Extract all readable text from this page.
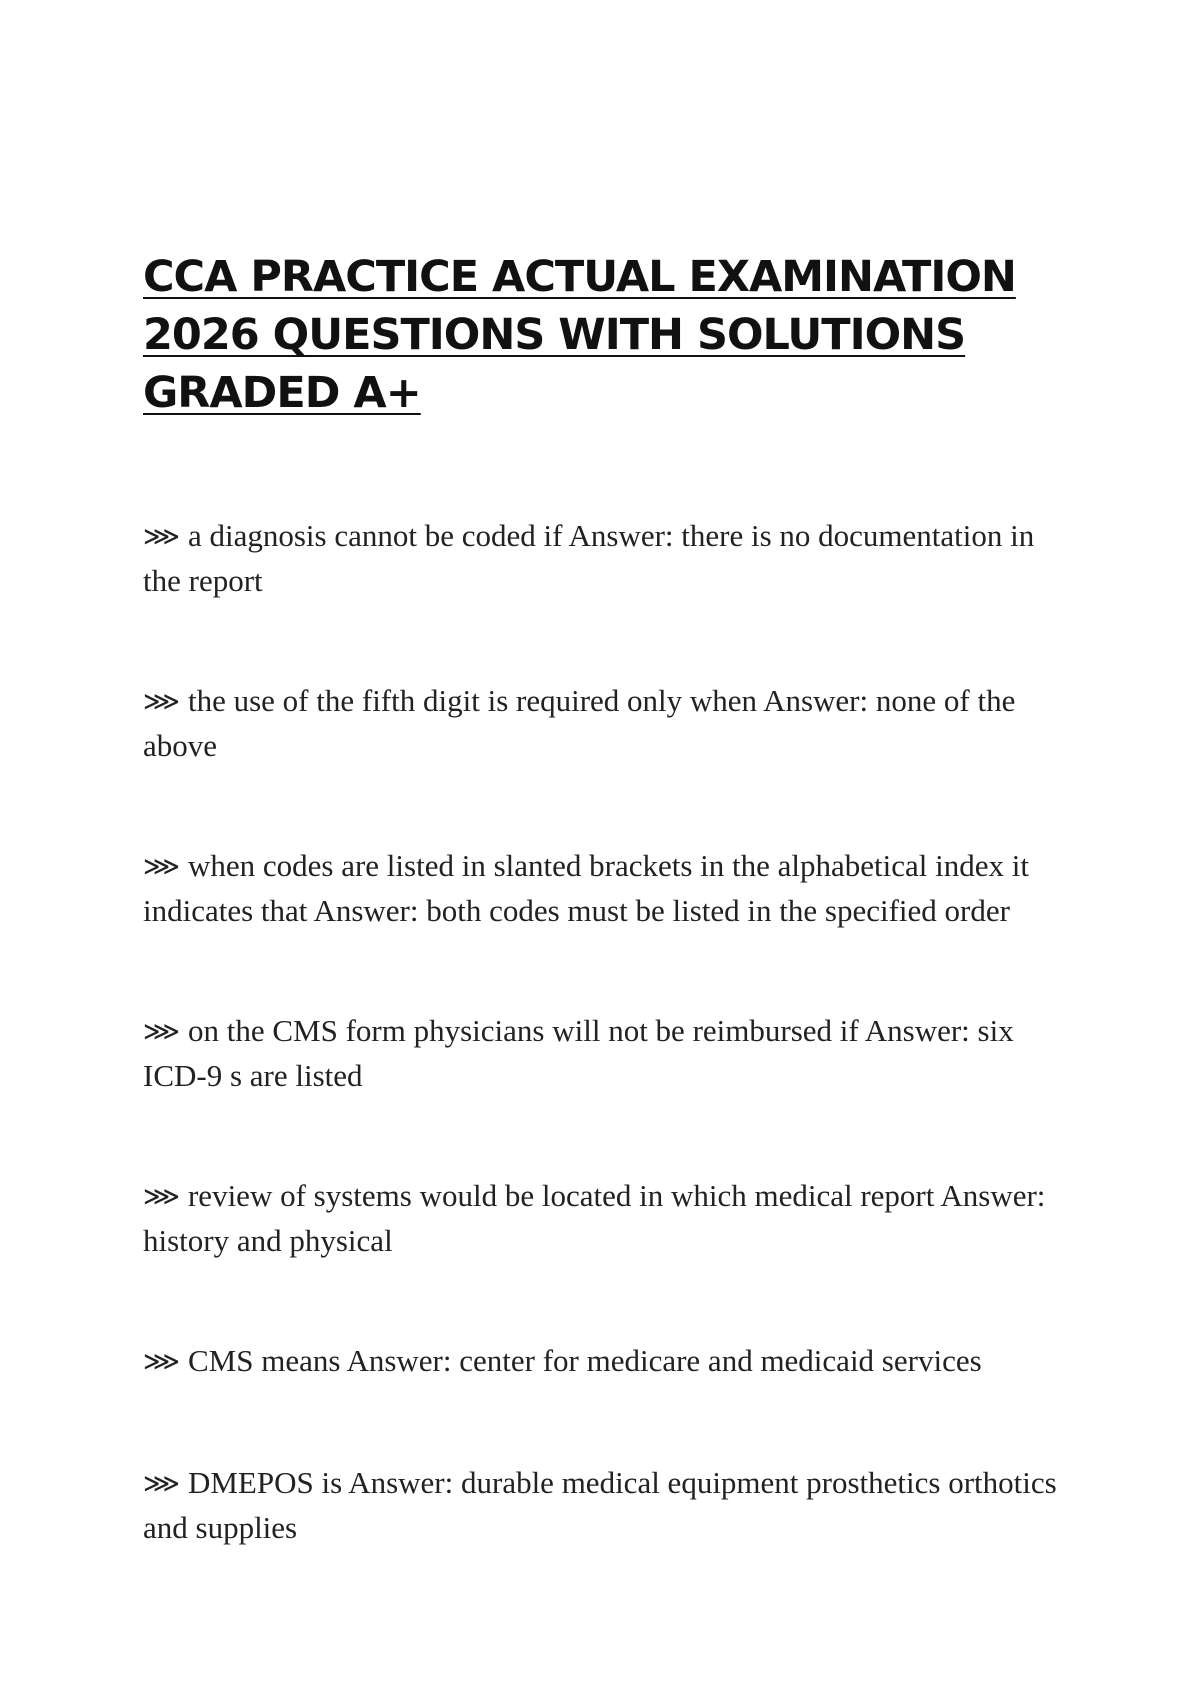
CCA PRACTICE ACTUAL EXAMINATION
2026 QUESTIONS WITH SOLUTIONS
GRADED A+
⋙ a diagnosis cannot be coded if Answer: there is no documentation in the report
⋙ the use of the fifth digit is required only when Answer: none of the above
⋙ when codes are listed in slanted brackets in the alphabetical index it indicates that Answer: both codes must be listed in the specified order
⋙ on the CMS form physicians will not be reimbursed if Answer: six ICD-9 s are listed
⋙ review of systems would be located in which medical report Answer: history and physical
⋙ CMS means Answer: center for medicare and medicaid services
⋙ DMEPOS is Answer: durable medical equipment prosthetics orthotics and supplies
